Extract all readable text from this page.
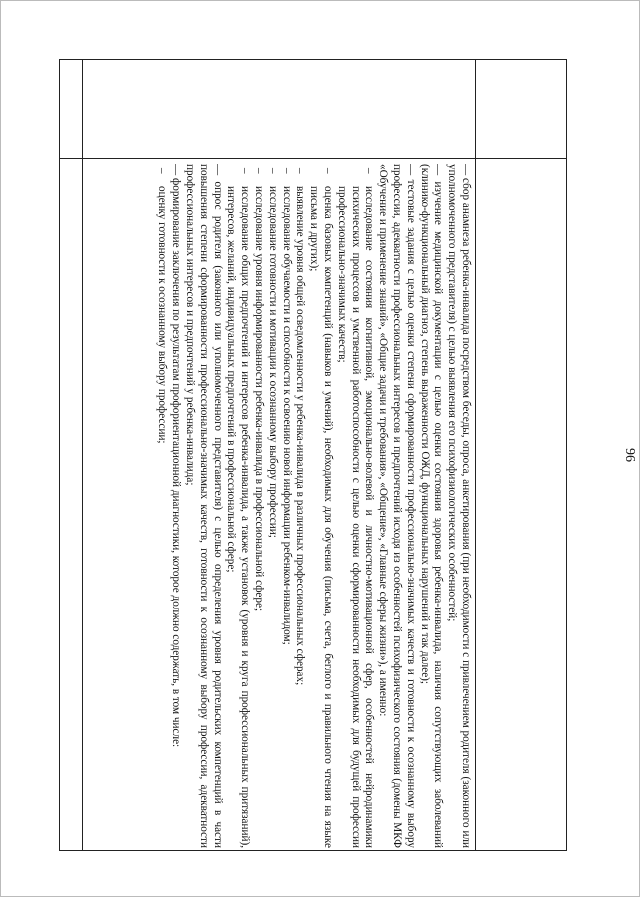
96

— сбор анамнеза ребенка-инвалида посредством беседы, опроса, анкетирования (при необходимости с привлечением родителя (законного или уполномоченного представителя) с целью выявления его психофизиологических особенностей;

— изучение медицинской документации с целью оценки состояния здоровья ребенка-инвалида, наличия сопутствующих заболеваний (клинико-функциональный диагноз, степень выраженности ОЖД, функциональных нарушений и так далее);

— тестовые задания с целью оценки степени сформированности профессионально-значимых качеств и готовности к осознанному выбору профессии, адекватности профессиональных интересов и предпочтений исходя из особенностей психофизического состояния (домены МКФ «Обучение и применение знаний», «Общие задачи и требования», «Общение», «Главные сферы жизни»), а именно:

–
исследование состояния когнитивной, эмоционально-волевой и личностно-мотивационной сфер, особенностей нейродинамики психических процессов и умственной работоспособности с целью оценки сформированности необходимых для будущей профессии профессионально-значимых качеств;
–
оценка базовых компетенций (навыков и умений), необходимых для обучения (письма, счета, беглого и правильного чтения на языке письма и других);
–
выявление уровня общей осведомленности у ребенка-инвалида в различных профессиональных сферах;
–
исследование обучаемости и способности к освоению новой информации ребенком-инвалидом;
–
исследование готовности и мотивации к осознанному выбору профессии;
–
исследование уровня информированности ребенка-инвалида в профессиональной сфере;
–
исследование общих предпочтений и интересов ребенка-инвалида, а также установок (уровня и круга профессиональных притязаний), интересов, желаний, индивидуальных предпочтений в профессиональной сфере;

— опрос родителя (законного или уполномоченного представителя) с целью определения уровня родительских компетенций в части повышения степени сформированности профессионально-значимых качеств, готовности к осознанному выбору профессии, адекватности профессиональных интересов и предпочтений у ребенка-инвалида;

— формирование заключения по результатам профориентационной диагностики, которое должно содержать, в том числе:

–
оценку готовности к осознанному выбору профессии;
